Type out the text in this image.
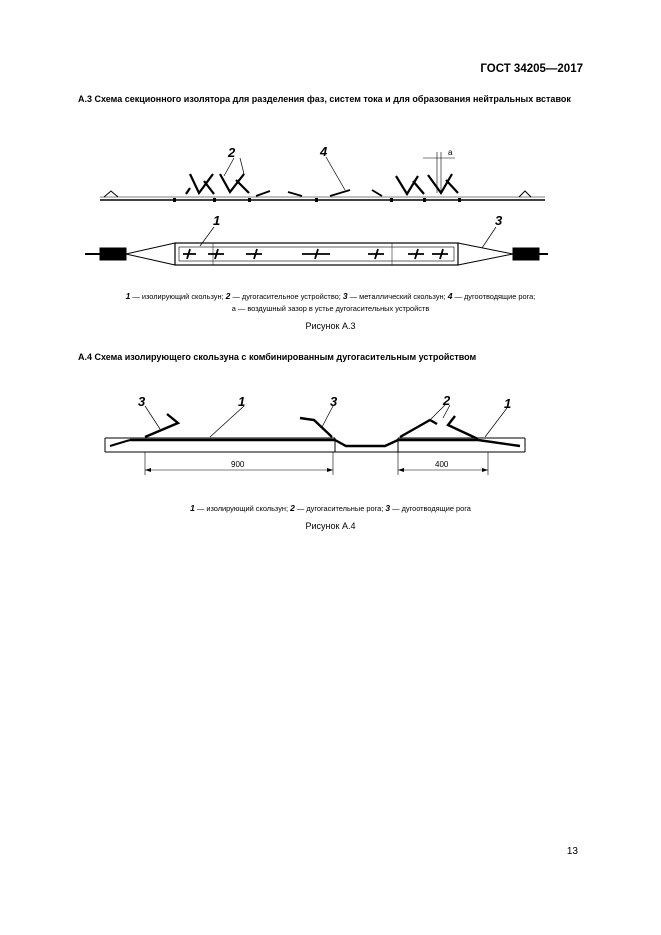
ГОСТ 34205—2017
А.3 Схема секционного изолятора для разделения фаз, систем тока и для образования нейтральных вставок
2	4
1	3
a
1 — изолирующий скользун; 2 — дугогасительное устройство; 3 — металлический скользун; 4 — дугоотводящие рога;
а — воздушный зазор в устье дугогасительных устройств
Рисунок А.3
А.4 Схема изолирующего скользуна с комбинированным дугогасительным устройством
3	1	3	2	1
900	400
1 — изолирующий скользун; 2 — дугогасительные рога; 3 — дугоотводящие рога
Рисунок А.4
13
